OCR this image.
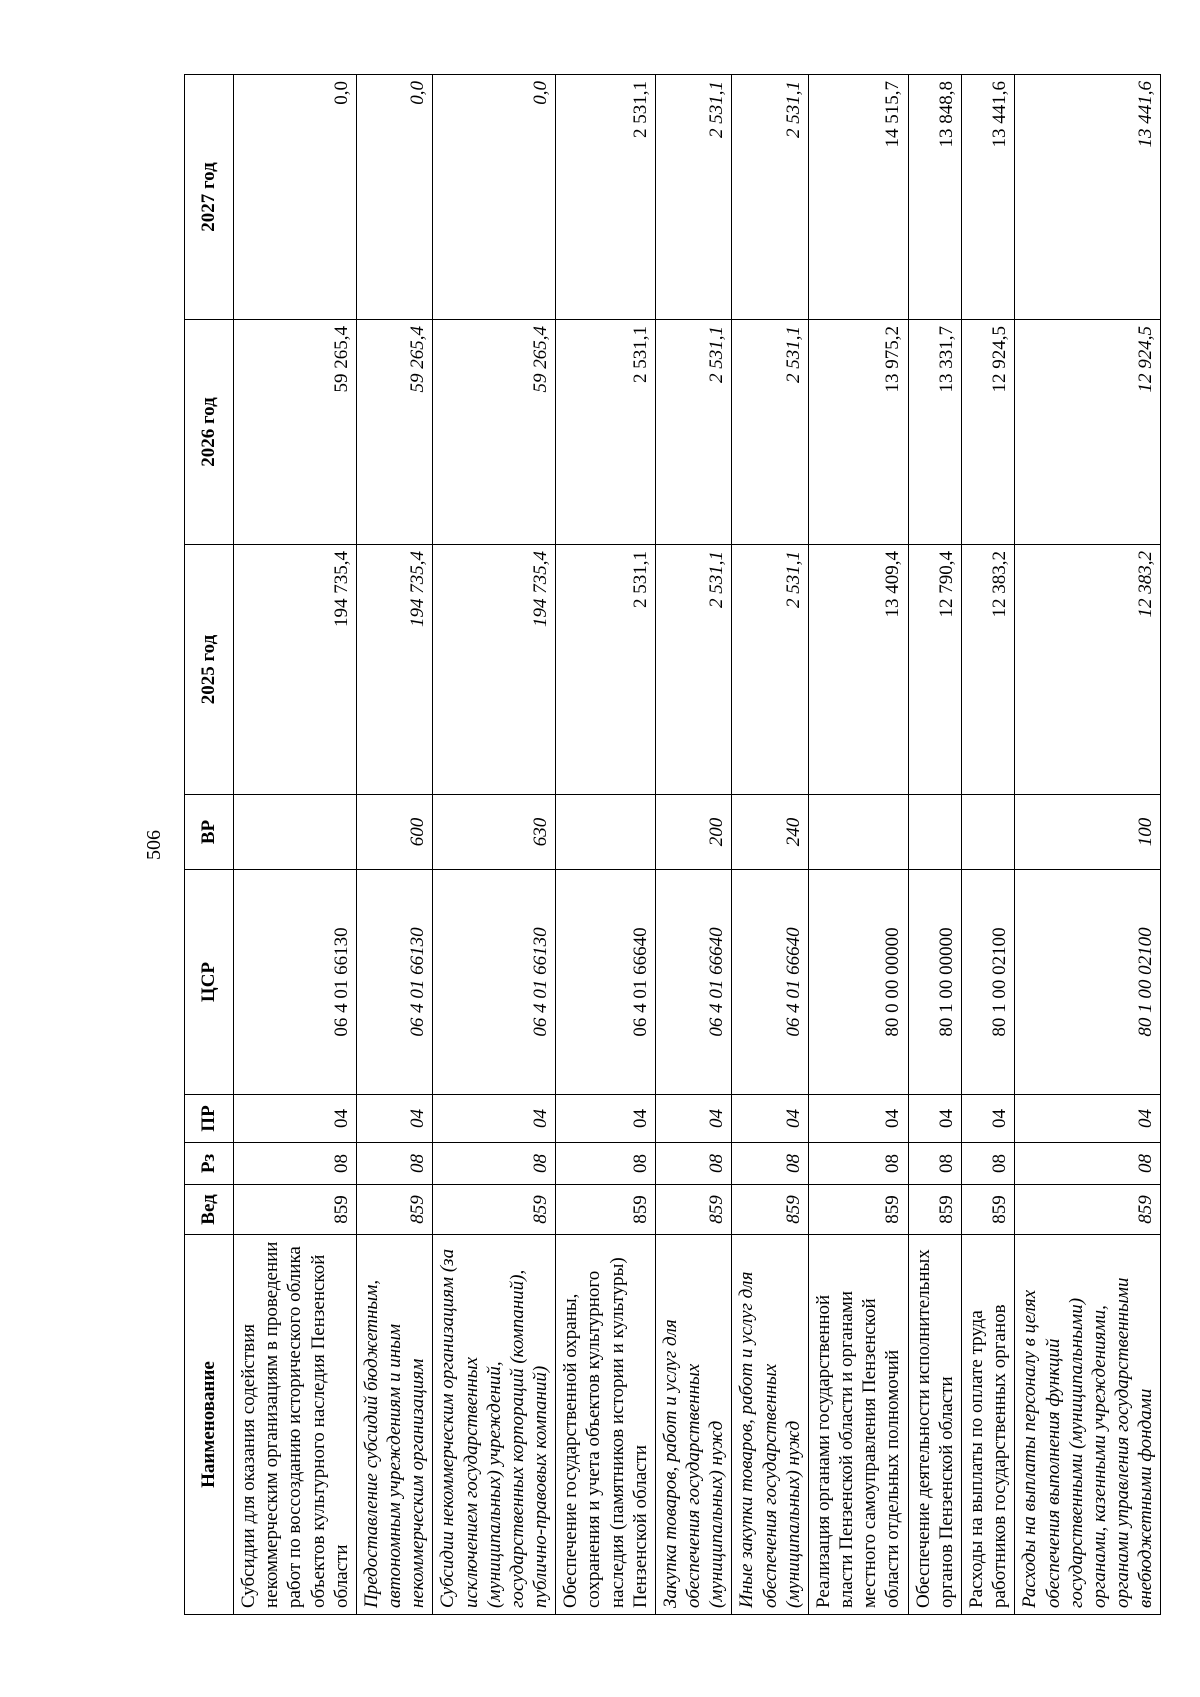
506
Наименование	Вед	Рз	ПР	ЦСР	ВР	2025 год	2026 год	2027 год
Субсидии для оказания содействия некоммерческим организациям в проведении работ по воссозданию исторического облика объектов культурного наследия Пензенской области	859	08	04	06 4 01 66130		194 735,4	59 265,4	0,0
Предоставление субсидий бюджетным, автономным учреждениям и иным некоммерческим организациям	859	08	04	06 4 01 66130	600	194 735,4	59 265,4	0,0
Субсидии некоммерческим организациям (за исключением государственных (муниципальных) учреждений, государственных корпораций (компаний), публично-правовых компаний)	859	08	04	06 4 01 66130	630	194 735,4	59 265,4	0,0
Обеспечение государственной охраны, сохранения и учета объектов культурного наследия (памятников истории и культуры) Пензенской области	859	08	04	06 4 01 66640		2 531,1	2 531,1	2 531,1
Закупка товаров, работ и услуг для обеспечения государственных (муниципальных) нужд	859	08	04	06 4 01 66640	200	2 531,1	2 531,1	2 531,1
Иные закупки товаров, работ и услуг для обеспечения государственных (муниципальных) нужд	859	08	04	06 4 01 66640	240	2 531,1	2 531,1	2 531,1
Реализация органами государственной власти Пензенской области и органами местного самоуправления Пензенской области отдельных полномочий	859	08	04	80 0 00 00000		13 409,4	13 975,2	14 515,7
Обеспечение деятельности исполнительных органов Пензенской области	859	08	04	80 1 00 00000		12 790,4	13 331,7	13 848,8
Расходы на выплаты по оплате труда работников государственных органов	859	08	04	80 1 00 02100		12 383,2	12 924,5	13 441,6
Расходы на выплаты персоналу в целях обеспечения выполнения функций государственными (муниципальными) органами, казенными учреждениями, органами управления государственными внебюджетными фондами	859	08	04	80 1 00 02100	100	12 383,2	12 924,5	13 441,6
